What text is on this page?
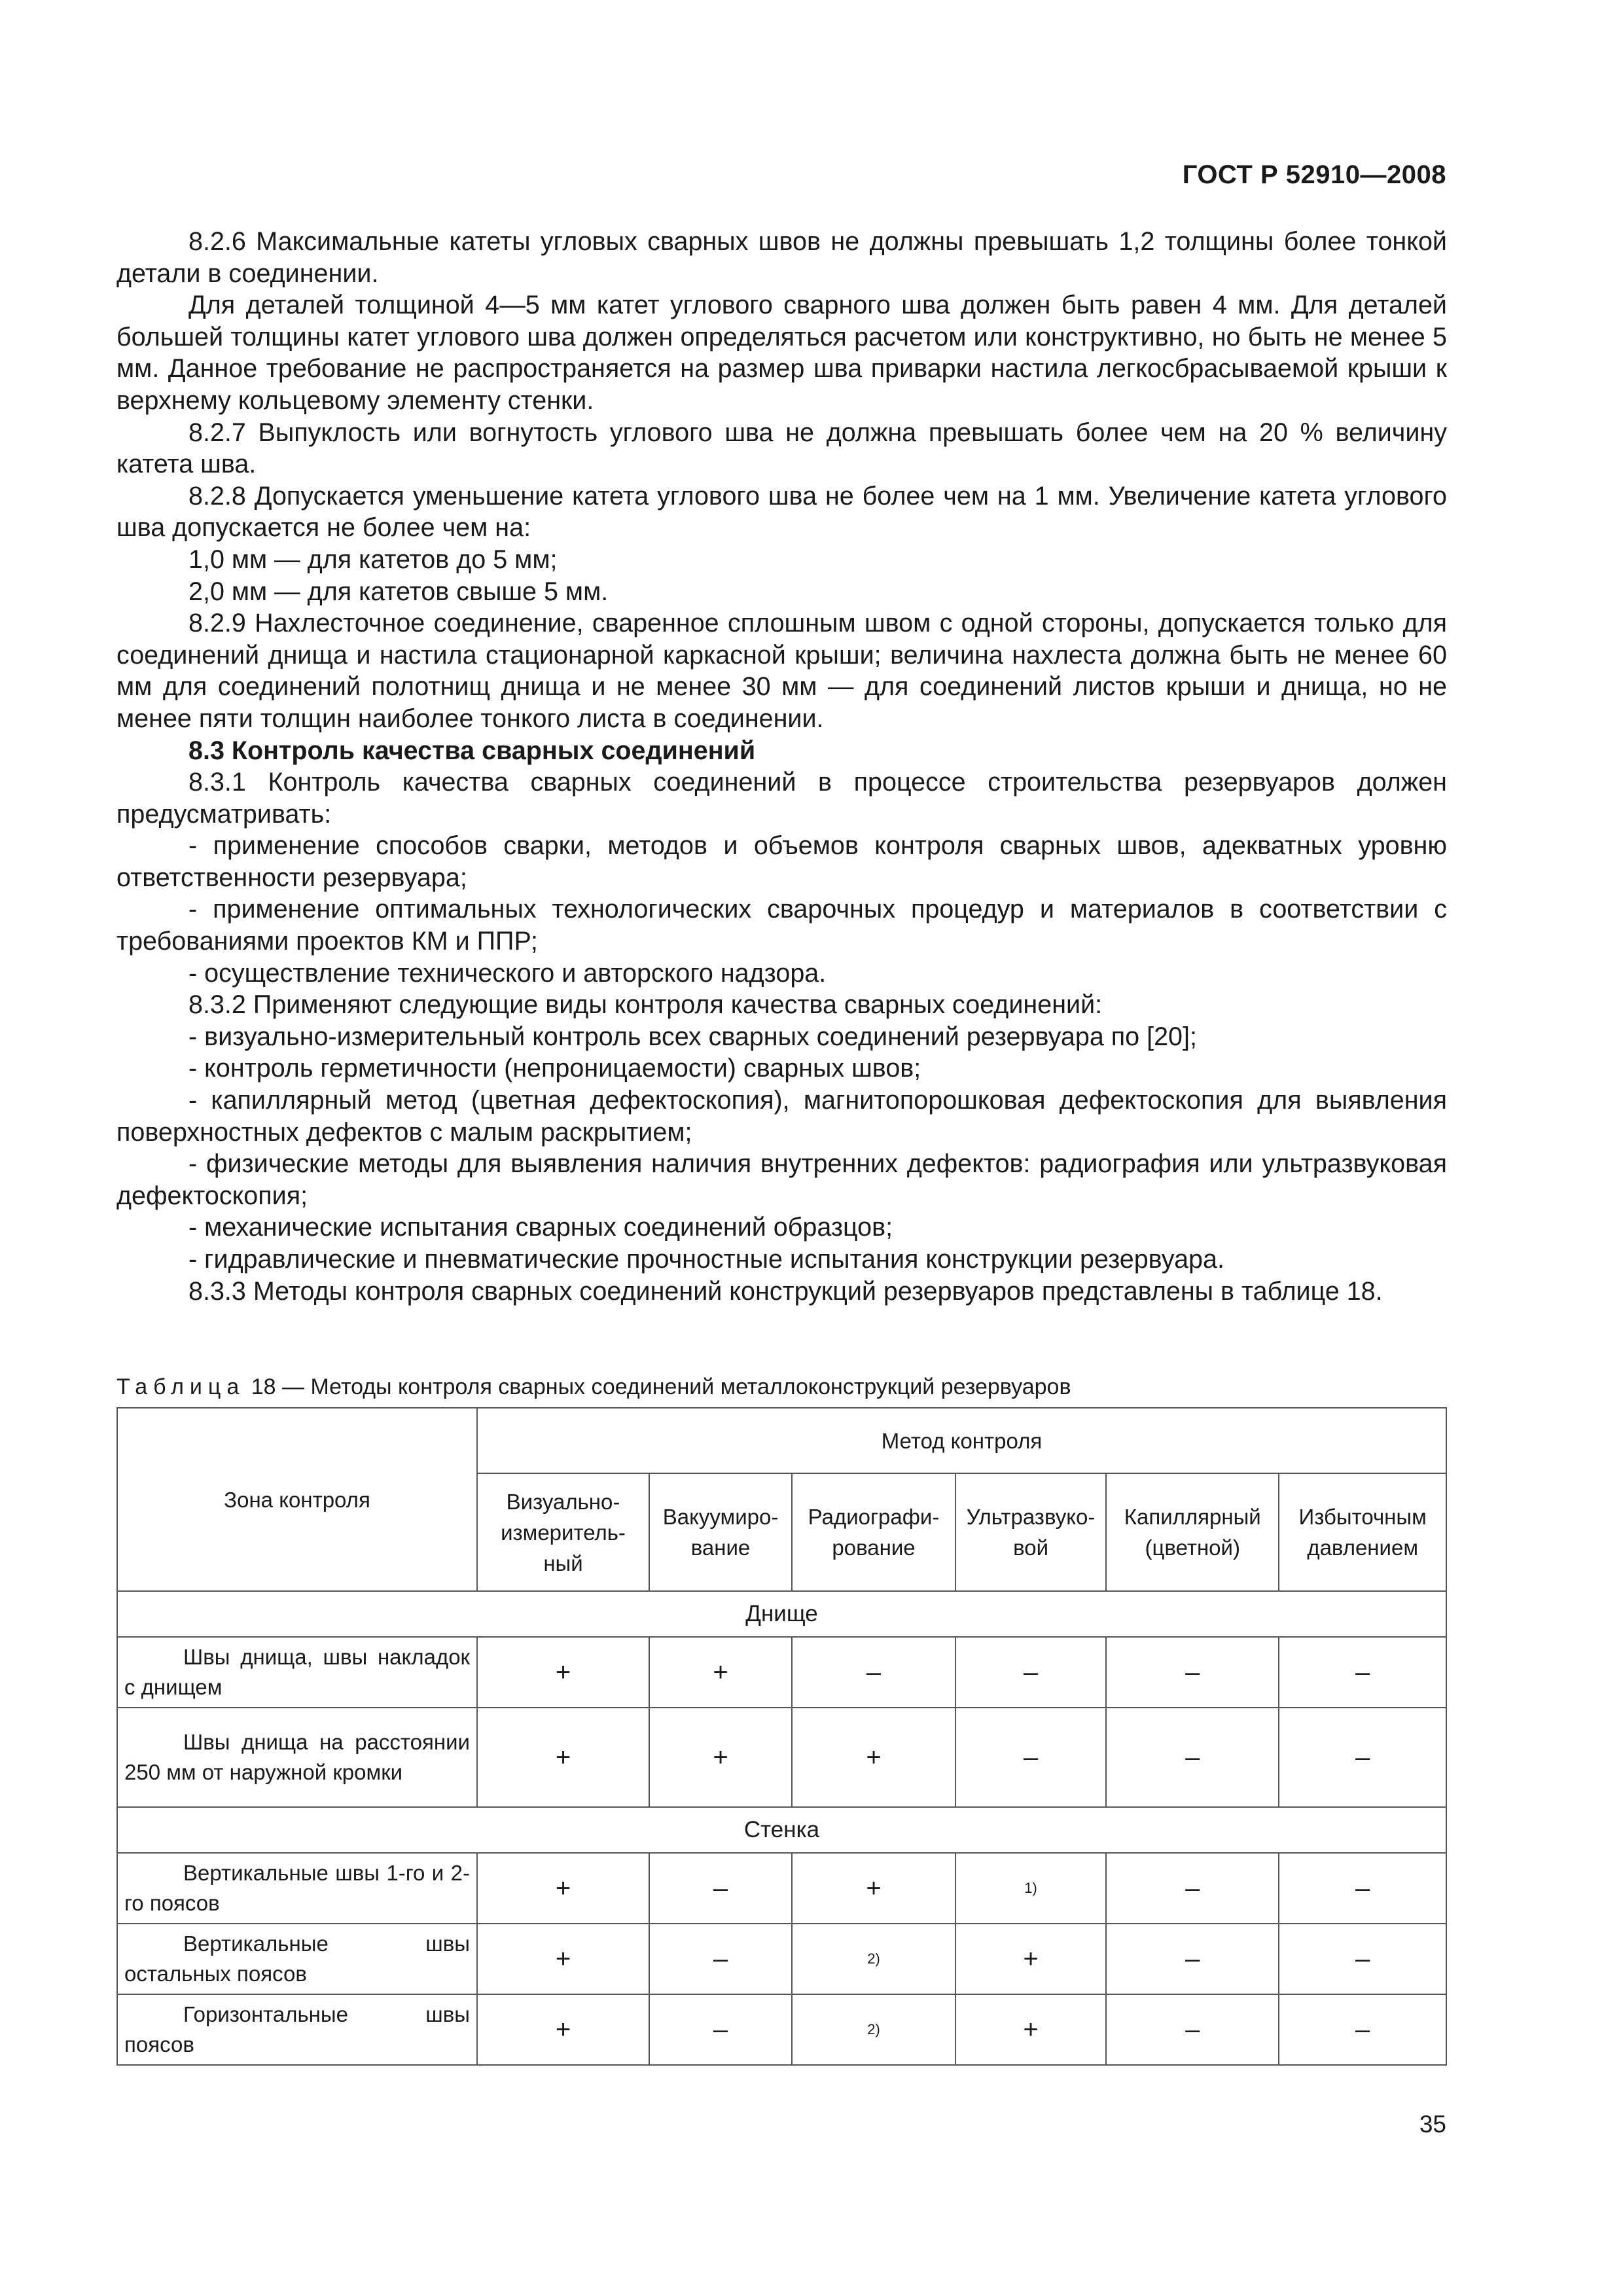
ГОСТ Р 52910—2008

8.2.6 Максимальные катеты угловых сварных швов не должны превышать 1,2 толщины более тонкой детали в соединении.

Для деталей толщиной 4—5 мм катет углового сварного шва должен быть равен 4 мм. Для деталей большей толщины катет углового шва должен определяться расчетом или конструктивно, но быть не менее 5 мм. Данное требование не распространяется на размер шва приварки настила легкосбрасываемой крыши к верхнему кольцевому элементу стенки.

8.2.7 Выпуклость или вогнутость углового шва не должна превышать более чем на 20 % величину катета шва.

8.2.8 Допускается уменьшение катета углового шва не более чем на 1 мм. Увеличение катета углового шва допускается не более чем на:

1,0 мм — для катетов до 5 мм;

2,0 мм — для катетов свыше 5 мм.

8.2.9 Нахлесточное соединение, сваренное сплошным швом с одной стороны, допускается только для соединений днища и настила стационарной каркасной крыши; величина нахлеста должна быть не менее 60 мм для соединений полотнищ днища и не менее 30 мм — для соединений листов крыши и днища, но не менее пяти толщин наиболее тонкого листа в соединении.

8.3 Контроль качества сварных соединений

8.3.1 Контроль качества сварных соединений в процессе строительства резервуаров должен предусматривать:

- применение способов сварки, методов и объемов контроля сварных швов, адекватных уровню ответственности резервуара;

- применение оптимальных технологических сварочных процедур и материалов в соответствии с требованиями проектов КМ и ППР;

- осуществление технического и авторского надзора.

8.3.2 Применяют следующие виды контроля качества сварных соединений:

- визуально-измерительный контроль всех сварных соединений резервуара по [20];

- контроль герметичности (непроницаемости) сварных швов;

- капиллярный метод (цветная дефектоскопия), магнитопорошковая дефектоскопия для выявления поверхностных дефектов с малым раскрытием;

- физические методы для выявления наличия внутренних дефектов: радиография или ультразвуковая дефектоскопия;

- механические испытания сварных соединений образцов;

- гидравлические и пневматические прочностные испытания конструкции резервуара.

8.3.3 Методы контроля сварных соединений конструкций резервуаров представлены в таблице 18.

Таблица 18 — Методы контроля сварных соединений металлоконструкций резервуаров
Зона контроля	Метод контроля					
	Визуально-измеритель-ный	Вакуумиро-вание	Радиографи-рование	Ультразвуко-вой	Капиллярный (цветной)	Избыточным давлением
Днище						

Швы днища, швы накладок с днищем	+	+	–	–	–	–

Швы днища на расстоянии 250 мм от наружной кромки	+	+	+	–	–	–
Стенка						

Вертикальные швы 1-го и 2-го поясов	+	–	+	1)	–	–

Вертикальные швы остальных поясов	+	–	2)	+	–	–

Горизонтальные швы поясов	+	–	2)	+	–	–
35
